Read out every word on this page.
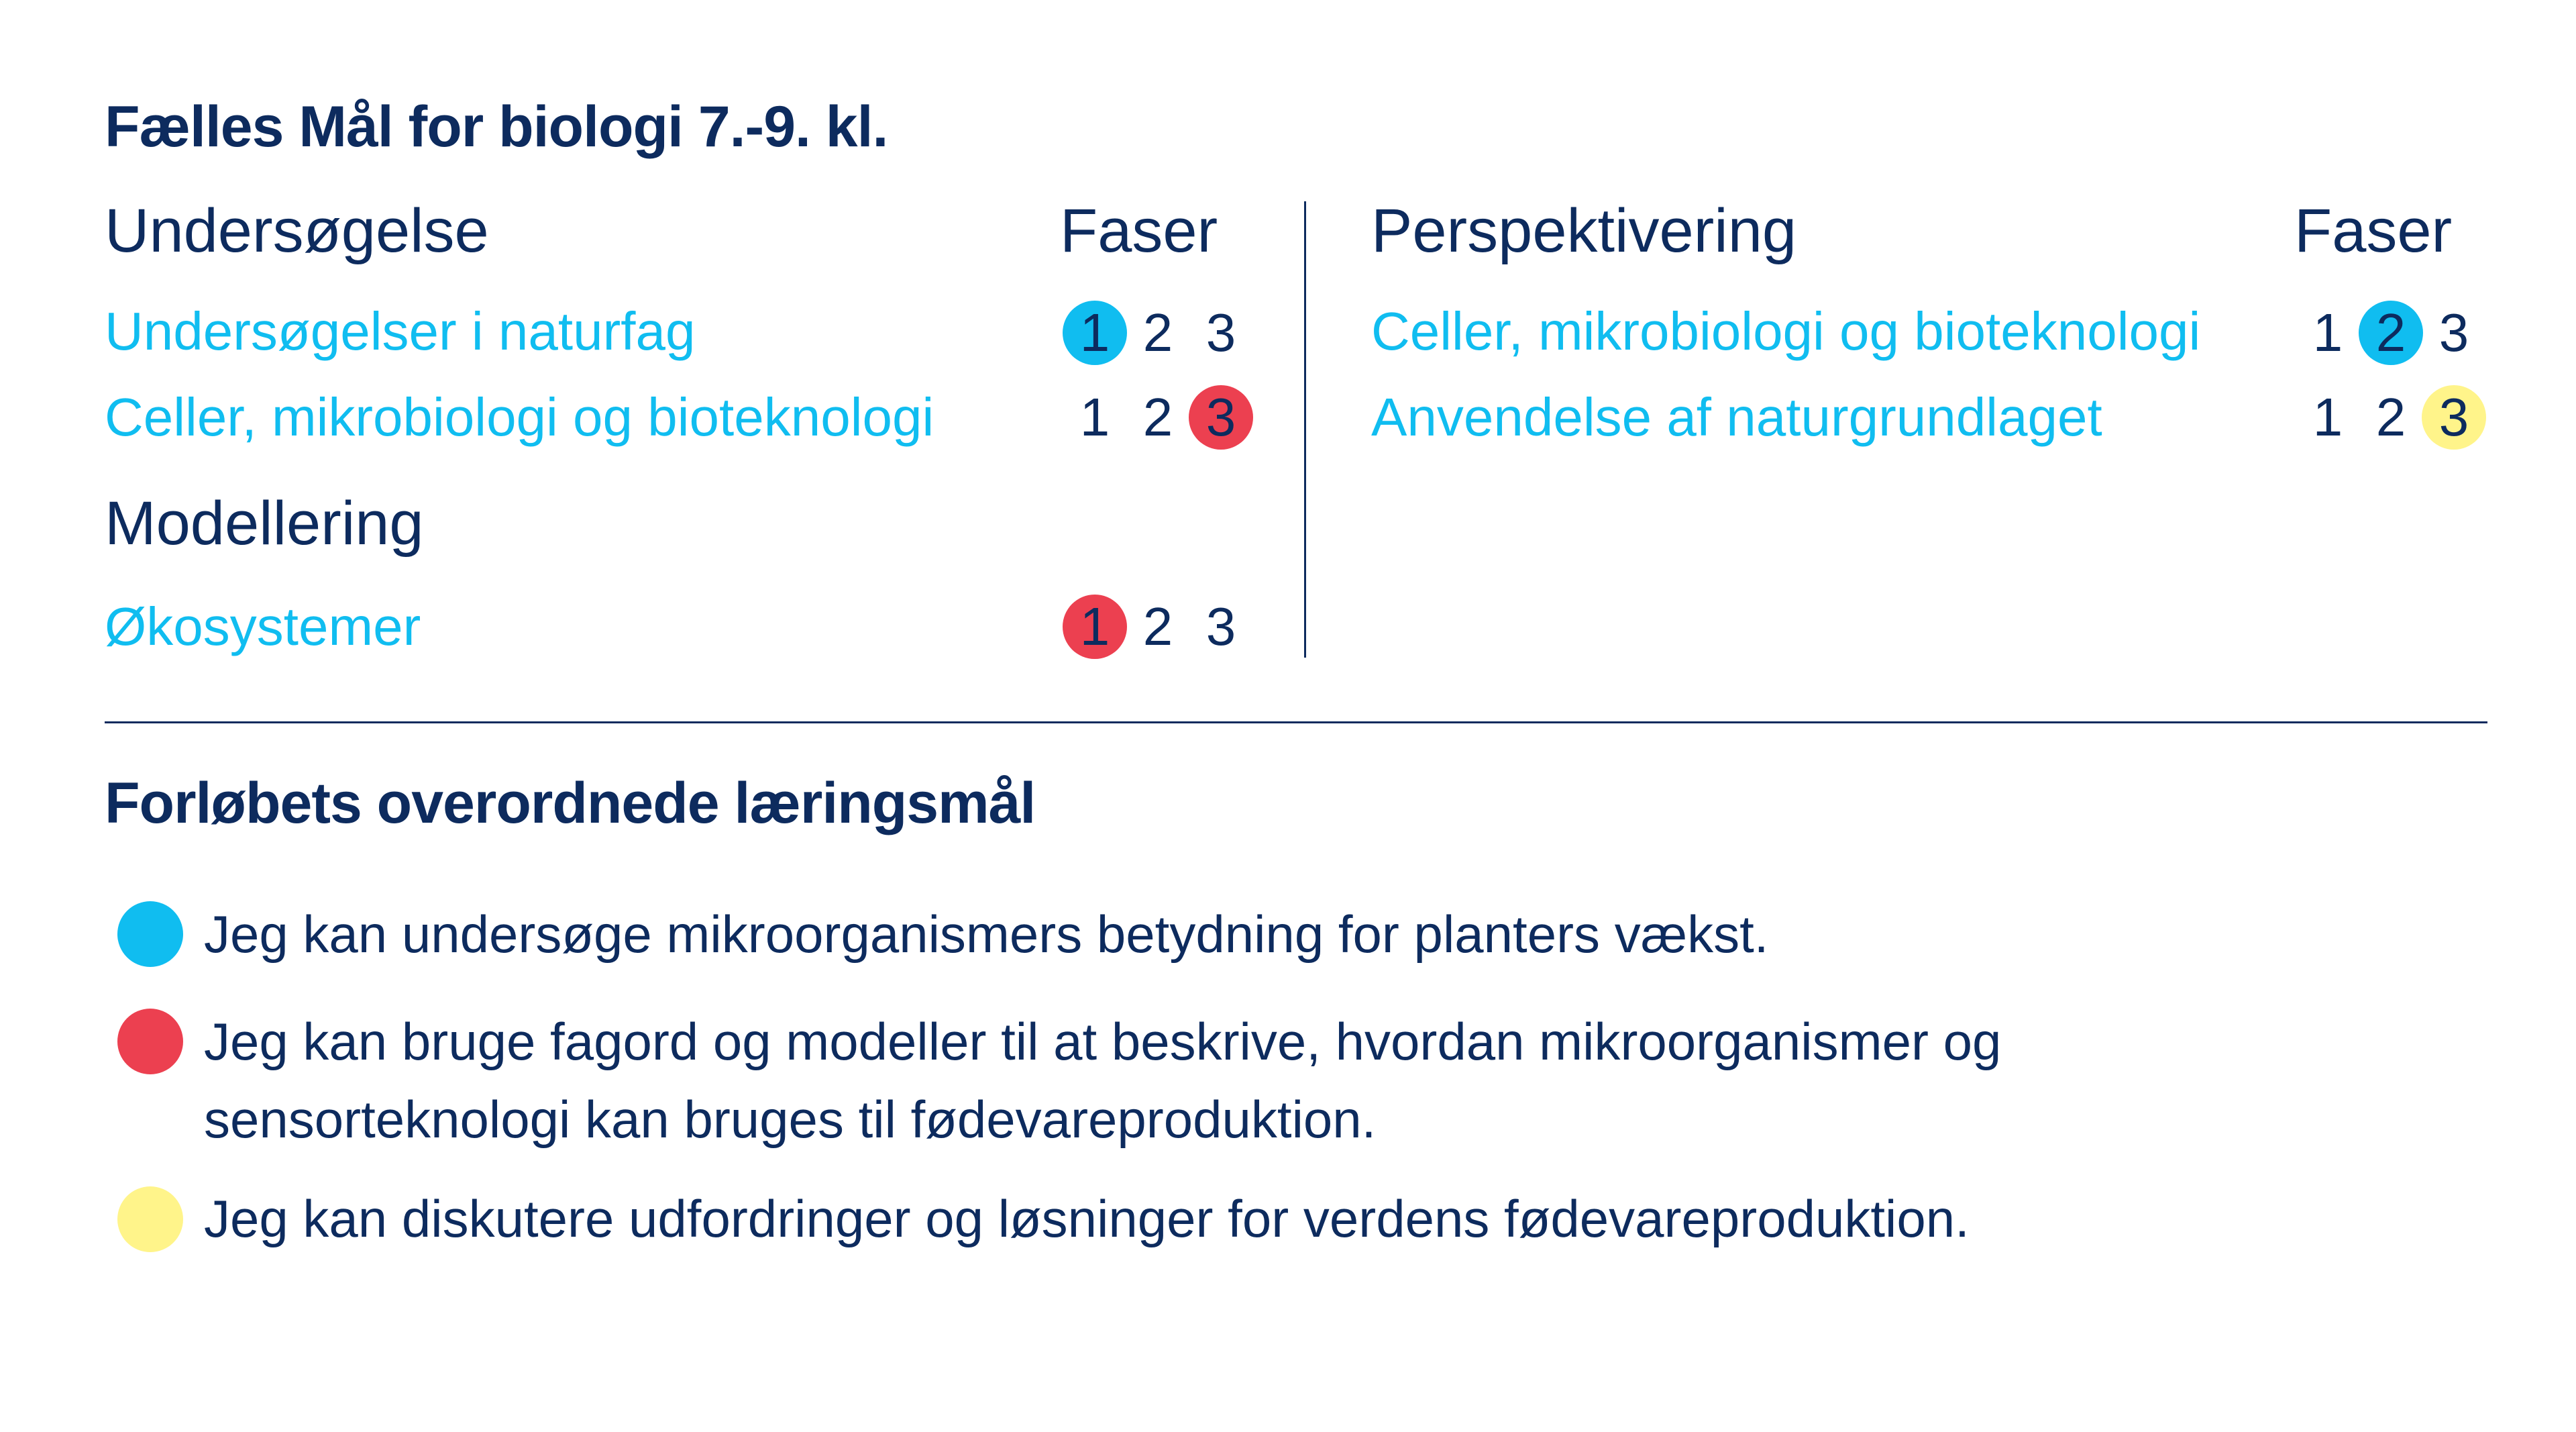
Fælles Mål for biologi 7.-9. kl.
Undersøgelse	Faser
Undersøgelser i naturfag	1 2 3
Celler, mikrobiologi og bioteknologi	1 2 3
Modellering
Økosystemer	1 2 3
Perspektivering	Faser
Celler, mikrobiologi og bioteknologi	1 2 3
Anvendelse af naturgrundlaget	1 2 3
Forløbets overordnede læringsmål
Jeg kan undersøge mikroorganismers betydning for planters vækst.
Jeg kan bruge fagord og modeller til at beskrive, hvordan mikroorganismer og
sensorteknologi kan bruges til fødevareproduktion.
Jeg kan diskutere udfordringer og løsninger for verdens fødevareproduktion.
